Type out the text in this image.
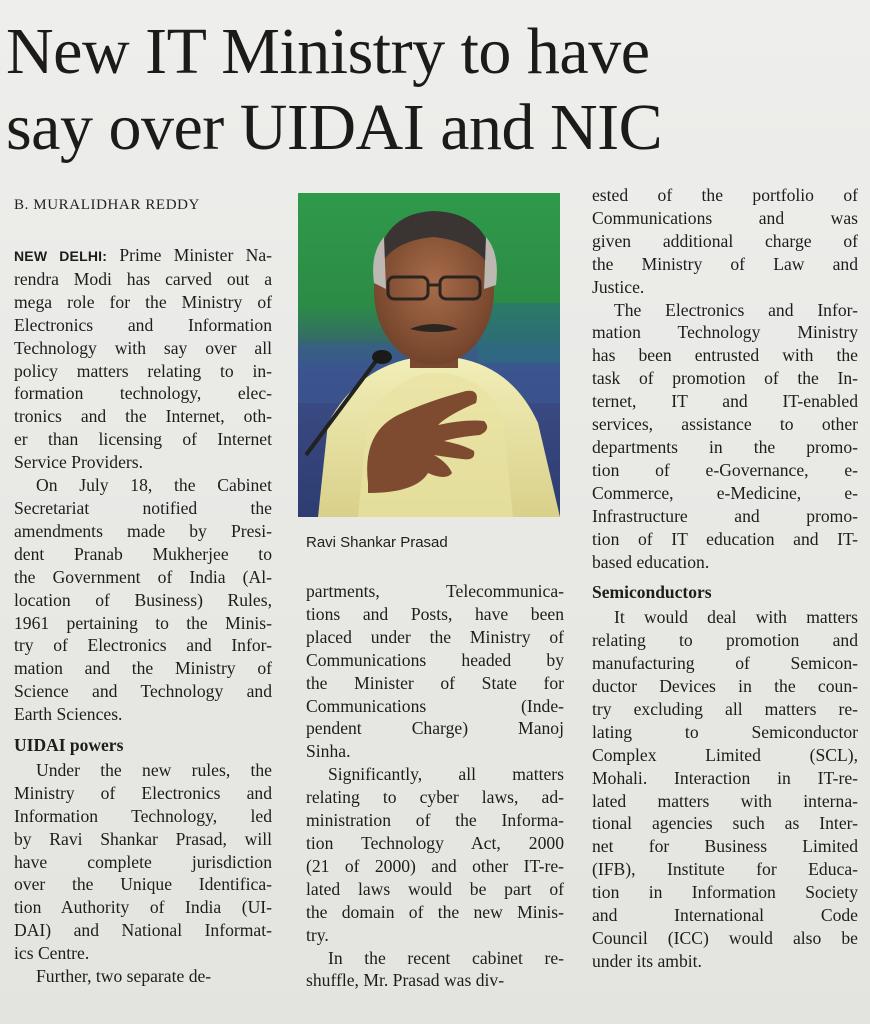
New IT Ministry to have
say over UIDAI and NIC
B. MURALIDHAR REDDY
NEW DELHI: Prime Minister Na-
rendra Modi has carved out a
mega role for the Ministry of
Electronics and Information
Technology with say over all
policy matters relating to in-
formation technology, elec-
tronics and the Internet, oth-
er than licensing of Internet
Service Providers.
On July 18, the Cabinet
Secretariat notified the
amendments made by Presi-
dent Pranab Mukherjee to
the Government of India (Al-
location of Business) Rules,
1961 pertaining to the Minis-
try of Electronics and Infor-
mation and the Ministry of
Science and Technology and
Earth Sciences.
UIDAI powers
Under the new rules, the
Ministry of Electronics and
Information Technology, led
by Ravi Shankar Prasad, will
have complete jurisdiction
over the Unique Identifica-
tion Authority of India (UI-
DAI) and National Informat-
ics Centre.
Further, two separate de-
Ravi Shankar Prasad
partments, Telecommunica-
tions and Posts, have been
placed under the Ministry of
Communications headed by
the Minister of State for
Communications (Inde-
pendent Charge) Manoj
Sinha.
Significantly, all matters
relating to cyber laws, ad-
ministration of the Informa-
tion Technology Act, 2000
(21 of 2000) and other IT-re-
lated laws would be part of
the domain of the new Minis-
try.
In the recent cabinet re-
shuffle, Mr. Prasad was div-
ested of the portfolio of
Communications and was
given additional charge of
the Ministry of Law and
Justice.
The Electronics and Infor-
mation Technology Ministry
has been entrusted with the
task of promotion of the In-
ternet, IT and IT-enabled
services, assistance to other
departments in the promo-
tion of e-Governance, e-
Commerce, e-Medicine, e-
Infrastructure and promo-
tion of IT education and IT-
based education.
Semiconductors
It would deal with matters
relating to promotion and
manufacturing of Semicon-
ductor Devices in the coun-
try excluding all matters re-
lating to Semiconductor
Complex Limited (SCL),
Mohali. Interaction in IT-re-
lated matters with interna-
tional agencies such as Inter-
net for Business Limited
(IFB), Institute for Educa-
tion in Information Society
and International Code
Council (ICC) would also be
under its ambit.
